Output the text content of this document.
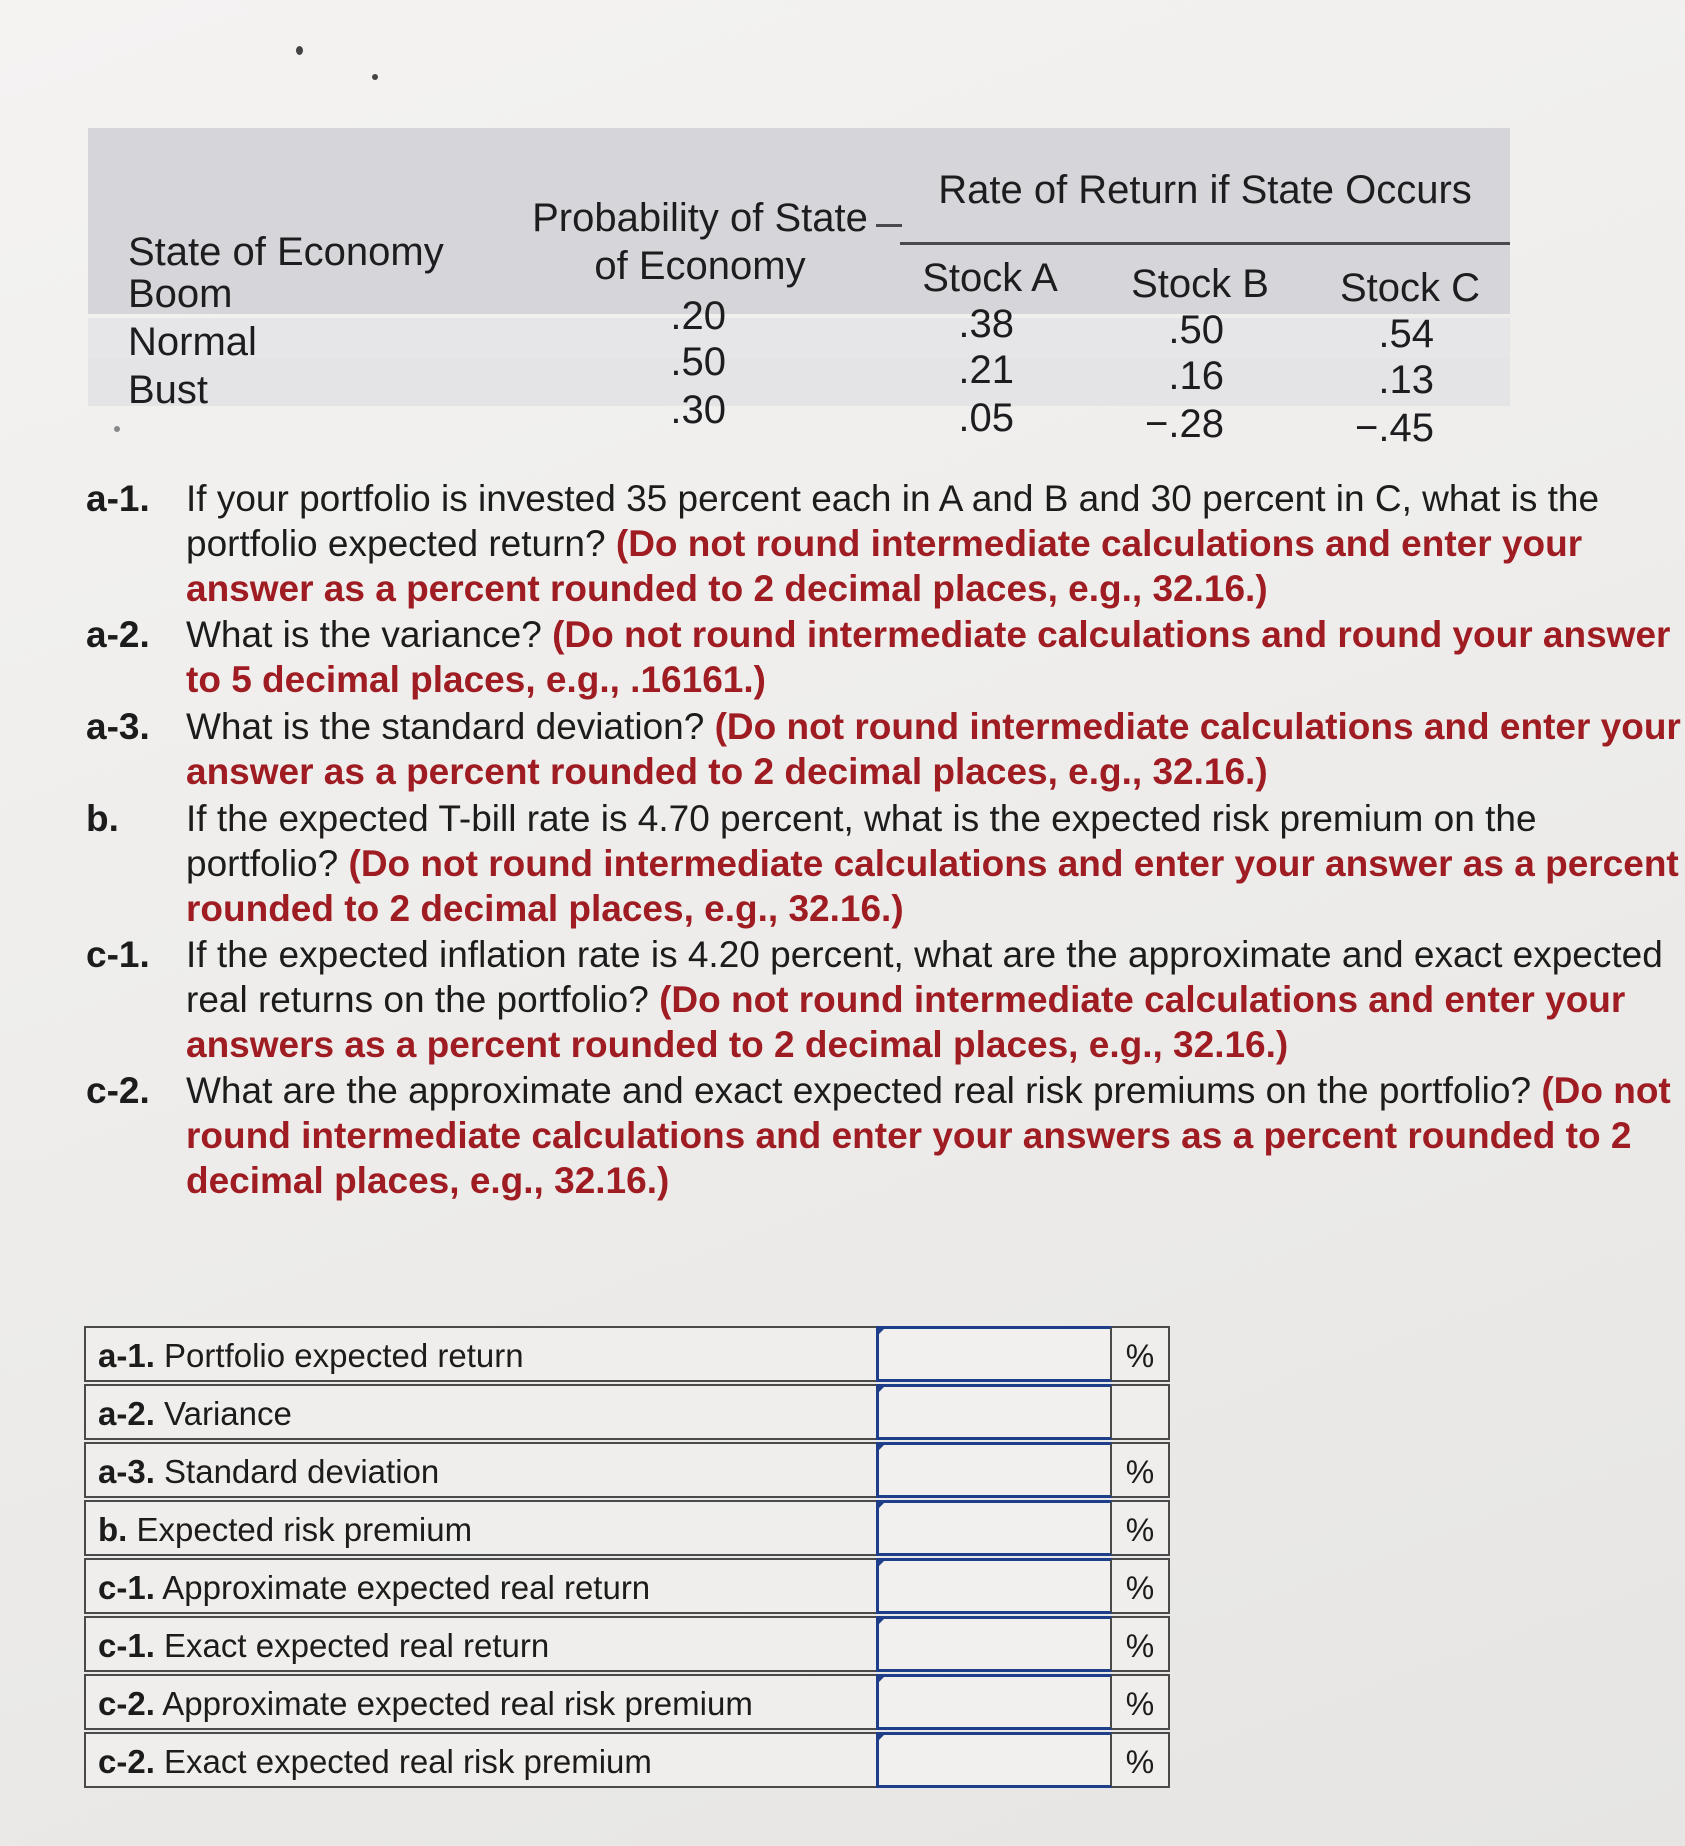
State of Economy
Probability of State
of Economy
Rate of Return if State Occurs
Stock A	Stock B	Stock C
Boom	.20	.38	.50	.54
Normal	.50	.21	.16	.13
Bust	.30	.05	−.28	−.45
a-1. If your portfolio is invested 35 percent each in A and B and 30 percent in C, what is the portfolio expected return? (Do not round intermediate calculations and enter your answer as a percent rounded to 2 decimal places, e.g., 32.16.)
a-2. What is the variance? (Do not round intermediate calculations and round your answer to 5 decimal places, e.g., .16161.)
a-3. What is the standard deviation? (Do not round intermediate calculations and enter your answer as a percent rounded to 2 decimal places, e.g., 32.16.)
b. If the expected T-bill rate is 4.70 percent, what is the expected risk premium on the portfolio? (Do not round intermediate calculations and enter your answer as a percent rounded to 2 decimal places, e.g., 32.16.)
c-1. If the expected inflation rate is 4.20 percent, what are the approximate and exact expected real returns on the portfolio? (Do not round intermediate calculations and enter your answers as a percent rounded to 2 decimal places, e.g., 32.16.)
c-2. What are the approximate and exact expected real risk premiums on the portfolio? (Do not round intermediate calculations and enter your answers as a percent rounded to 2 decimal places, e.g., 32.16.)
a-1. Portfolio expected return	%
a-2. Variance
a-3. Standard deviation	%
b. Expected risk premium	%
c-1. Approximate expected real return	%
c-1. Exact expected real return	%
c-2. Approximate expected real risk premium	%
c-2. Exact expected real risk premium	%
